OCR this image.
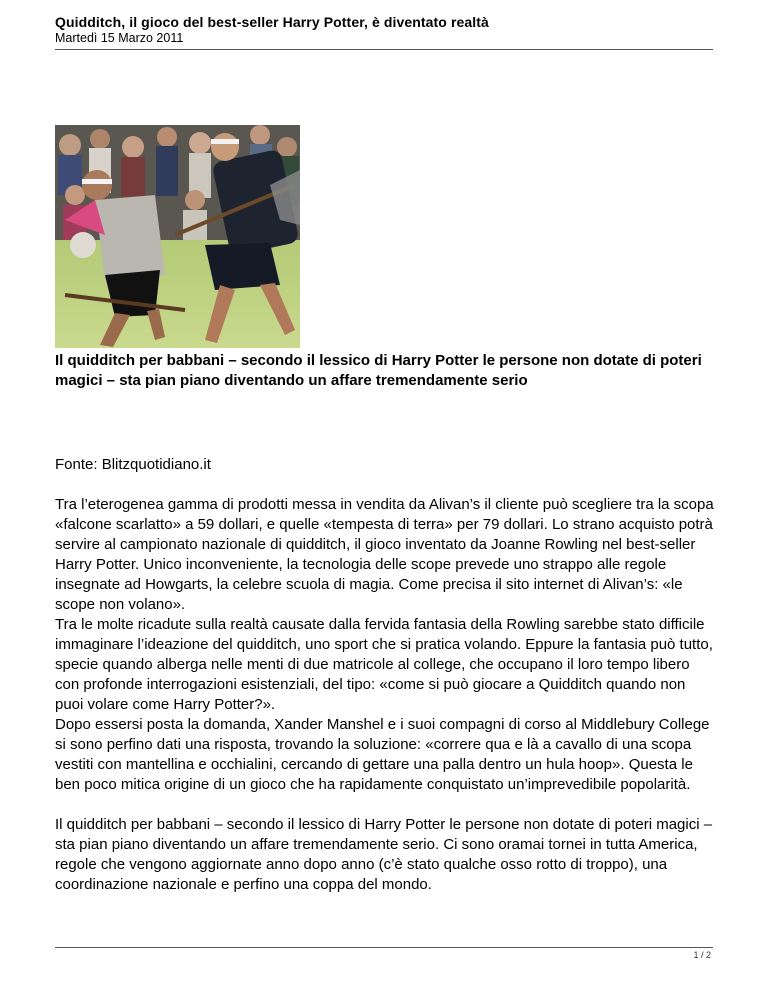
Quidditch, il gioco del best-seller Harry Potter, è diventato realtà
Martedì 15 Marzo 2011
Il quidditch per babbani – secondo il lessico di Harry Potter le persone non dotate di poteri magici – sta pian piano diventando un affare tremendamente serio
Fonte: Blitzquotidiano.it
Tra l’eterogenea gamma di prodotti messa in vendita da Alivan’s il cliente può scegliere tra la scopa «falcone scarlatto» a 59 dollari, e quelle «tempesta di terra» per 79 dollari. Lo strano acquisto potrà servire al campionato nazionale di quidditch, il gioco inventato da Joanne Rowling nel best-seller Harry Potter. Unico inconveniente, la tecnologia delle scope prevede uno strappo alle regole insegnate ad Howgarts, la celebre scuola di magia. Come precisa il sito internet di Alivan’s: «le scope non volano».
Tra le molte ricadute sulla realtà causate dalla fervida fantasia della Rowling sarebbe stato difficile immaginare l’ideazione del quidditch, uno sport che si pratica volando. Eppure la fantasia può tutto, specie quando alberga nelle menti di due matricole al college, che occupano il loro tempo libero con profonde interrogazioni esistenziali, del tipo: «come si può giocare a Quidditch quando non puoi volare come Harry Potter?».
Dopo essersi posta la domanda, Xander Manshel e i suoi compagni di corso al Middlebury College si sono perfino dati una risposta, trovando la soluzione: «correre qua e là a cavallo di una scopa vestiti con mantellina e occhialini, cercando di gettare una palla dentro un hula hoop». Questa le ben poco mitica origine di un gioco che ha rapidamente conquistato un’imprevedibile popolarità.
Il quidditch per babbani – secondo il lessico di Harry Potter le persone non dotate di poteri magici – sta pian piano diventando un affare tremendamente serio. Ci sono oramai tornei in tutta America, regole che vengono aggiornate anno dopo anno (c’è stato qualche osso rotto di troppo), una coordinazione nazionale e perfino una coppa del mondo.
1 / 2
